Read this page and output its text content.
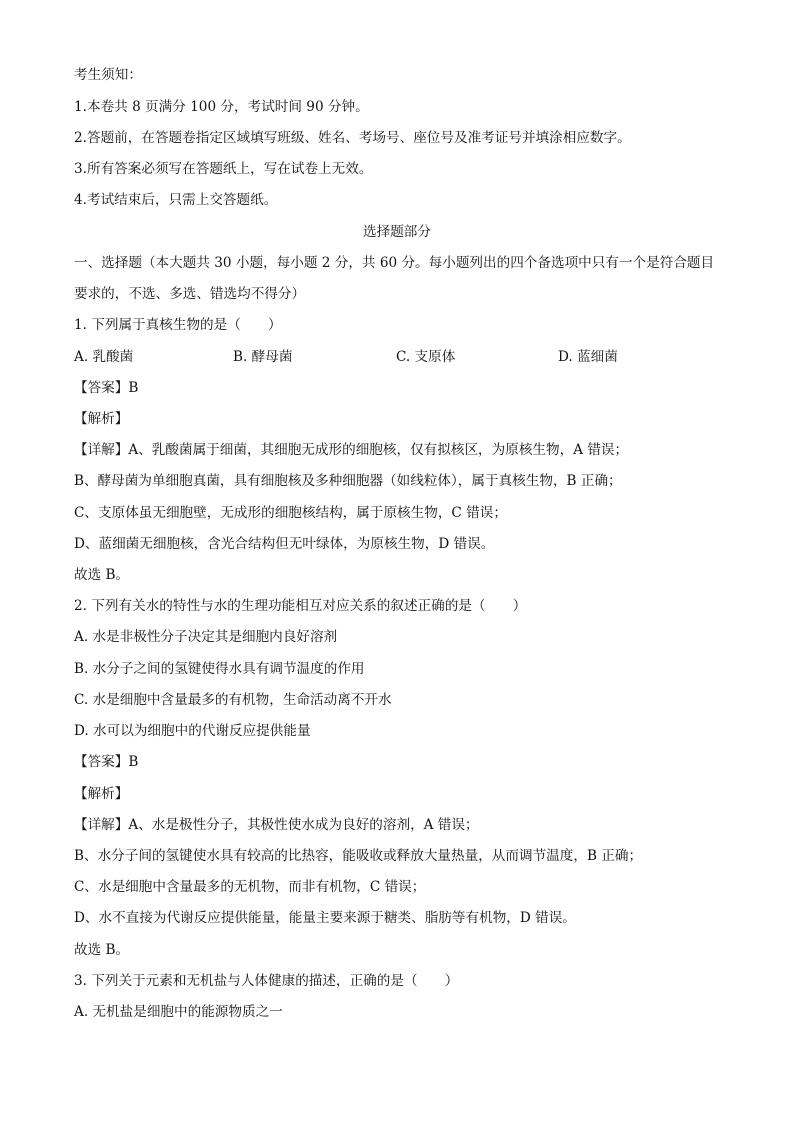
考生须知：
1.本卷共 8 页满分 100 分，考试时间 90 分钟。
2.答题前，在答题卷指定区域填写班级、姓名、考场号、座位号及准考证号并填涂相应数字。
3.所有答案必须写在答题纸上，写在试卷上无效。
4.考试结束后，只需上交答题纸。
选择题部分
一、选择题（本大题共 30 小题，每小题 2 分，共 60 分。每小题列出的四个备选项中只有一个是符合题目
要求的，不选、多选、错选均不得分）
1. 下列属于真核生物的是（　　）
A. 乳酸菌	B. 酵母菌	C. 支原体	D. 蓝细菌
【答案】B
【解析】
【详解】A、乳酸菌属于细菌，其细胞无成形的细胞核，仅有拟核区，为原核生物，A 错误；
B、酵母菌为单细胞真菌，具有细胞核及多种细胞器（如线粒体），属于真核生物，B 正确；
C、支原体虽无细胞壁，无成形的细胞核结构，属于原核生物，C 错误；
D、蓝细菌无细胞核，含光合结构但无叶绿体，为原核生物，D 错误。
故选 B。
2. 下列有关水的特性与水的生理功能相互对应关系的叙述正确的是（　　）
A. 水是非极性分子决定其是细胞内良好溶剂
B. 水分子之间的氢键使得水具有调节温度的作用
C. 水是细胞中含量最多的有机物，生命活动离不开水
D. 水可以为细胞中的代谢反应提供能量
【答案】B
【解析】
【详解】A、水是极性分子，其极性使水成为良好的溶剂，A 错误；
B、水分子间的氢键使水具有较高的比热容，能吸收或释放大量热量，从而调节温度，B 正确；
C、水是细胞中含量最多的无机物，而非有机物，C 错误；
D、水不直接为代谢反应提供能量，能量主要来源于糖类、脂肪等有机物，D 错误。
故选 B。
3. 下列关于元素和无机盐与人体健康的描述，正确的是（　　）
A. 无机盐是细胞中的能源物质之一
